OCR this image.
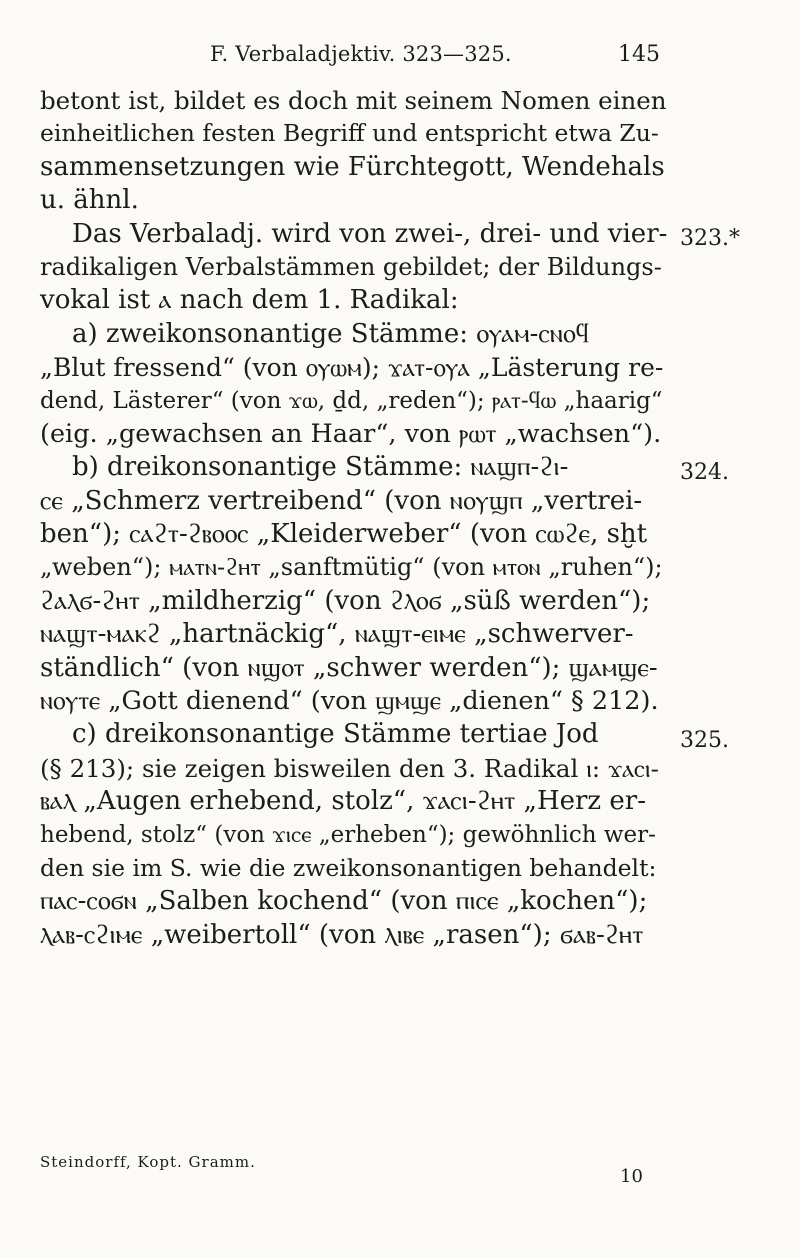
F. Verbaladjektiv. 323—325.	145
betont ist, bildet es doch mit seinem Nomen einen
einheitlichen festen Begriff und entspricht etwa Zu-
sammensetzungen wie Fürchtegott, Wendehals
u. ähnl.
Das Verbaladj. wird von zwei-, drei- und vier-
radikaligen Verbalstämmen gebildet; der Bildungs-
vokal ist ⲁ nach dem 1. Radikal:
a) zweikonsonantige Stämme: ⲟⲩⲁⲙ-ⲥⲛⲟϥ
„Blut fressend“ (von ⲟⲩⲱⲙ); ϫⲁⲧ-ⲟⲩⲁ „Lästerung re-
dend, Lästerer“ (von ϫⲱ, ḏd, „reden“); ⲣⲁⲧ-ϥⲱ „haarig“
(eig. „gewachsen an Haar“, von ⲣⲱⲧ „wachsen“).
b) dreikonsonantige Stämme: ⲛⲁϣⲡ-ϩⲓ-
ⲥⲉ „Schmerz vertreibend“ (von ⲛⲟⲩϣⲡ „vertrei-
ben“); ⲥⲁϩⲧ-ϩⲃⲟⲟⲥ „Kleiderweber“ (von ⲥⲱϩⲉ, sḫt
„weben“); ⲙⲁⲧⲛ-ϩⲏⲧ „sanftmütig“ (von ⲙⲧⲟⲛ „ruhen“);
ϩⲁⲗϭ-ϩⲏⲧ „mildherzig“ (von ϩⲗⲟϭ „süß werden“);
ⲛⲁϣⲧ-ⲙⲁⲕϩ „hartnäckig“, ⲛⲁϣⲧ-ⲉⲓⲙⲉ „schwerver-
ständlich“ (von ⲛϣⲟⲧ „schwer werden“); ϣⲁⲙϣⲉ-
ⲛⲟⲩⲧⲉ „Gott dienend“ (von ϣⲙϣⲉ „dienen“ § 212).
c) dreikonsonantige Stämme tertiae Jod
(§ 213); sie zeigen bisweilen den 3. Radikal ⲓ: ϫⲁⲥⲓ-
ⲃⲁⲗ „Augen erhebend, stolz“, ϫⲁⲥⲓ-ϩⲏⲧ „Herz er-
hebend, stolz“ (von ϫⲓⲥⲉ „erheben“); gewöhnlich wer-
den sie im S. wie die zweikonsonantigen behandelt:
ⲡⲁⲥ-ⲥⲟϭⲛ „Salben kochend“ (von ⲡⲓⲥⲉ „kochen“);
ⲗⲁⲃ-ⲥϩⲓⲙⲉ „weibertoll“ (von ⲗⲓⲃⲉ „rasen“); ϭⲁⲃ-ϩⲏⲧ
323.*
324.
325.
Steindorff, Kopt. Gramm.
10
